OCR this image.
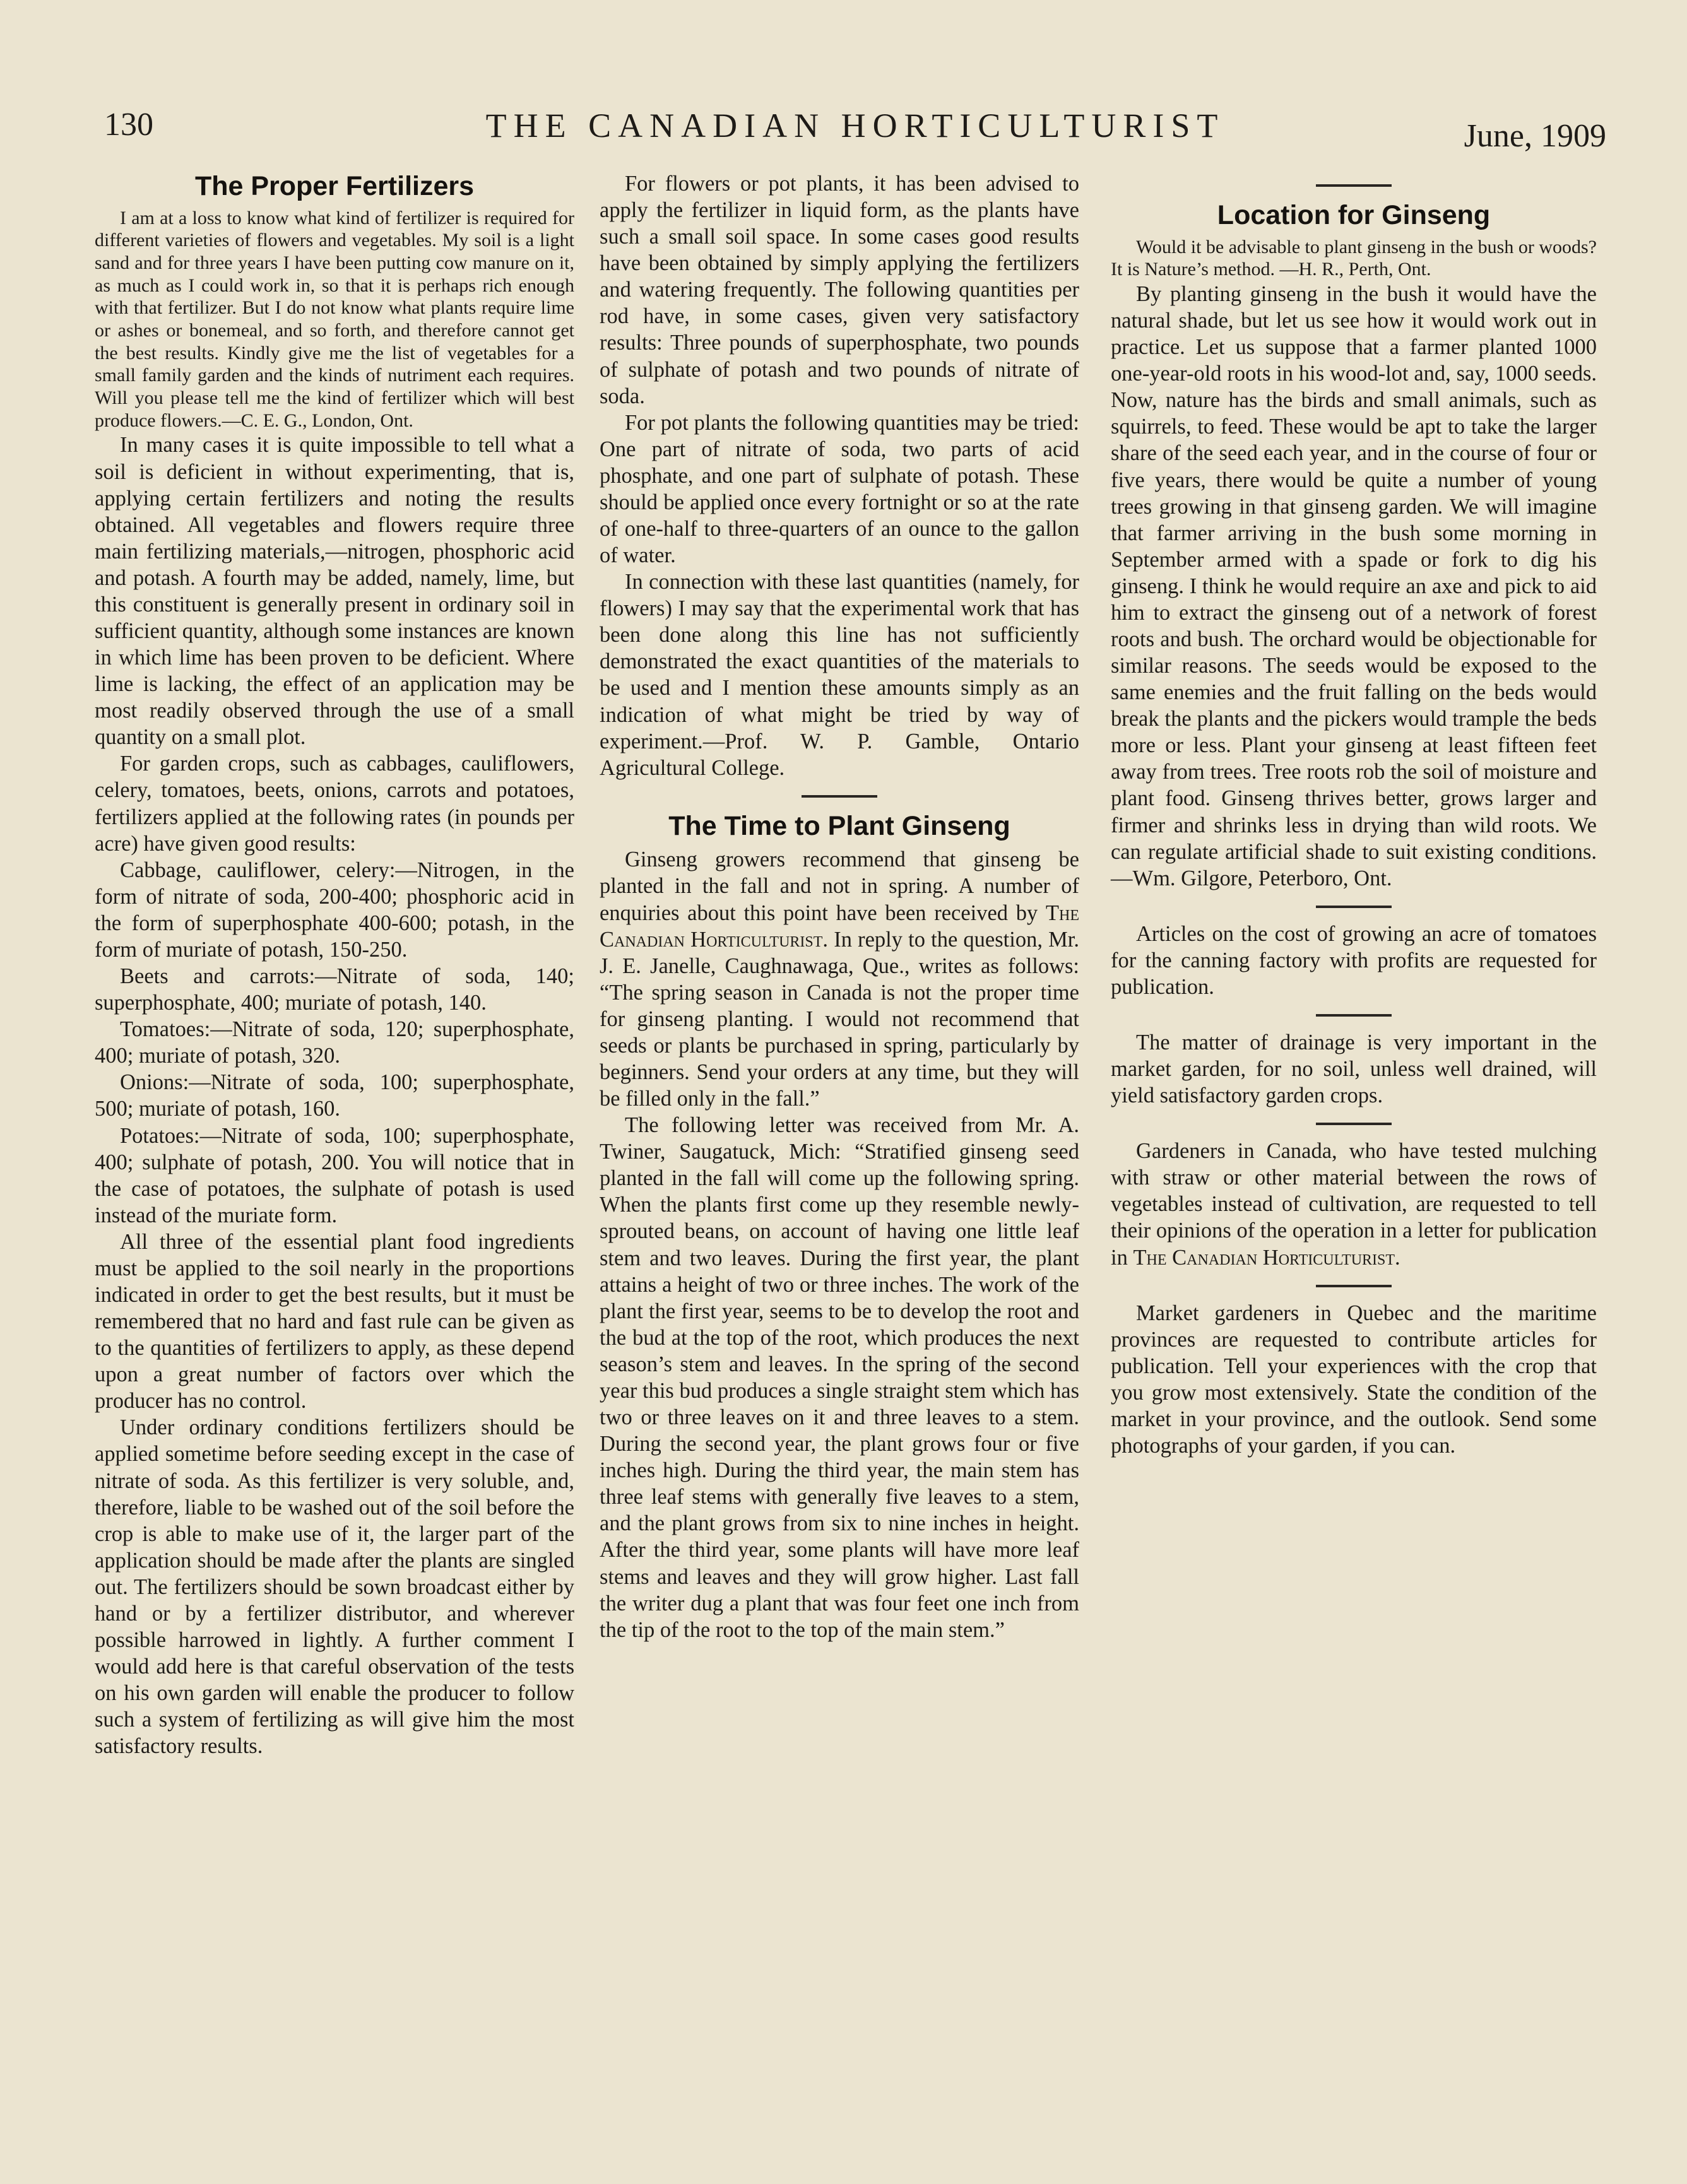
130	THE CANADIAN HORTICULTURIST	June, 1909
The Proper Fertilizers

I am at a loss to know what kind of fertilizer is required for different varieties of flowers and vegetables. My soil is a light sand and for three years I have been putting cow manure on it, as much as I could work in, so that it is perhaps rich enough with that fertilizer. But I do not know what plants require lime or ashes or bonemeal, and so forth, and therefore cannot get the best results. Kindly give me the list of vegetables for a small family garden and the kinds of nutriment each requires. Will you please tell me the kind of fertilizer which will best produce flowers.—C. E. G., London, Ont.

In many cases it is quite impossible to tell what a soil is deficient in without experimenting, that is, applying certain fertilizers and noting the results obtained. All vegetables and flowers require three main fertilizing materials,—nitrogen, phosphoric acid and potash. A fourth may be added, namely, lime, but this constituent is generally present in ordinary soil in sufficient quantity, although some instances are known in which lime has been proven to be deficient. Where lime is lacking, the effect of an application may be most readily observed through the use of a small quantity on a small plot.

For garden crops, such as cabbages, cauliflowers, celery, tomatoes, beets, onions, carrots and potatoes, fertilizers applied at the following rates (in pounds per acre) have given good results:

Cabbage, cauliflower, celery:—Nitrogen, in the form of nitrate of soda, 200-400; phosphoric acid in the form of superphosphate 400-600; potash, in the form of muriate of potash, 150-250.

Beets and carrots:—Nitrate of soda, 140; superphosphate, 400; muriate of potash, 140.

Tomatoes:—Nitrate of soda, 120; superphosphate, 400; muriate of potash, 320.

Onions:—Nitrate of soda, 100; superphosphate, 500; muriate of potash, 160.

Potatoes:—Nitrate of soda, 100; superphosphate, 400; sulphate of potash, 200. You will notice that in the case of potatoes, the sulphate of potash is used instead of the muriate form.

All three of the essential plant food ingredients must be applied to the soil nearly in the proportions indicated in order to get the best results, but it must be remembered that no hard and fast rule can be given as to the quantities of fertilizers to apply, as these depend upon a great number of factors over which the producer has no control.

Under ordinary conditions fertilizers should be applied sometime before seeding except in the case of nitrate of soda. As this fertilizer is very soluble, and, therefore, liable to be washed out of the soil before the crop is able to make use of it, the larger part of the application should be made after the plants are singled out. The fertilizers should be sown broadcast either by hand or by a fertilizer distributor, and wherever possible harrowed in lightly. A further comment I would add here is that careful observation of the tests on his own garden will enable the producer to follow such a system of fertilizing as will give him the most satisfactory results.

For flowers or pot plants, it has been advised to apply the fertilizer in liquid form, as the plants have such a small soil space. In some cases good results have been obtained by simply applying the fertilizers and watering frequently. The following quantities per rod have, in some cases, given very satisfactory results: Three pounds of superphosphate, two pounds of sulphate of potash and two pounds of nitrate of soda.

For pot plants the following quantities may be tried: One part of nitrate of soda, two parts of acid phosphate, and one part of sulphate of potash. These should be applied once every fortnight or so at the rate of one-half to three-quarters of an ounce to the gallon of water.

In connection with these last quantities (namely, for flowers) I may say that the experimental work that has been done along this line has not sufficiently demonstrated the exact quantities of the materials to be used and I mention these amounts simply as an indication of what might be tried by way of experiment.—Prof. W. P. Gamble, Ontario Agricultural College.

The Time to Plant Ginseng

Ginseng growers recommend that ginseng be planted in the fall and not in spring. A number of enquiries about this point have been received by The Canadian Horticulturist. In reply to the question, Mr. J. E. Janelle, Caughnawaga, Que., writes as follows: “The spring season in Canada is not the proper time for ginseng planting. I would not recommend that seeds or plants be purchased in spring, particularly by beginners. Send your orders at any time, but they will be filled only in the fall.”

The following letter was received from Mr. A. Twiner, Saugatuck, Mich: “Stratified ginseng seed planted in the fall will come up the following spring. When the plants first come up they resemble newly-sprouted beans, on account of having one little leaf stem and two leaves. During the first year, the plant attains a height of two or three inches. The work of the plant the first year, seems to be to develop the root and the bud at the top of the root, which produces the next season’s stem and leaves. In the spring of the second year this bud produces a single straight stem which has two or three leaves on it and three leaves to a stem. During the second year, the plant grows four or five inches high. During the third year, the main stem has three leaf stems with generally five leaves to a stem, and the plant grows from six to nine inches in height. After the third year, some plants will have more leaf stems and leaves and they will grow higher. Last fall the writer dug a plant that was four feet one inch from the tip of the root to the top of the main stem.”

Location for Ginseng

Would it be advisable to plant ginseng in the bush or woods? It is Nature’s method. —H. R., Perth, Ont.

By planting ginseng in the bush it would have the natural shade, but let us see how it would work out in practice. Let us suppose that a farmer planted 1000 one-year-old roots in his wood-lot and, say, 1000 seeds. Now, nature has the birds and small animals, such as squirrels, to feed. These would be apt to take the larger share of the seed each year, and in the course of four or five years, there would be quite a number of young trees growing in that ginseng garden. We will imagine that farmer arriving in the bush some morning in September armed with a spade or fork to dig his ginseng. I think he would require an axe and pick to aid him to extract the ginseng out of a network of forest roots and bush. The orchard would be objectionable for similar reasons. The seeds would be exposed to the same enemies and the fruit falling on the beds would break the plants and the pickers would trample the beds more or less. Plant your ginseng at least fifteen feet away from trees. Tree roots rob the soil of moisture and plant food. Ginseng thrives better, grows larger and firmer and shrinks less in drying than wild roots. We can regulate artificial shade to suit existing conditions.—Wm. Gilgore, Peterboro, Ont.

Articles on the cost of growing an acre of tomatoes for the canning factory with profits are requested for publication.

The matter of drainage is very important in the market garden, for no soil, unless well drained, will yield satisfactory garden crops.

Gardeners in Canada, who have tested mulching with straw or other material between the rows of vegetables instead of cultivation, are requested to tell their opinions of the operation in a letter for publication in The Canadian Horticulturist.

Market gardeners in Quebec and the maritime provinces are requested to contribute articles for publication. Tell your experiences with the crop that you grow most extensively. State the condition of the market in your province, and the outlook. Send some photographs of your garden, if you can.
